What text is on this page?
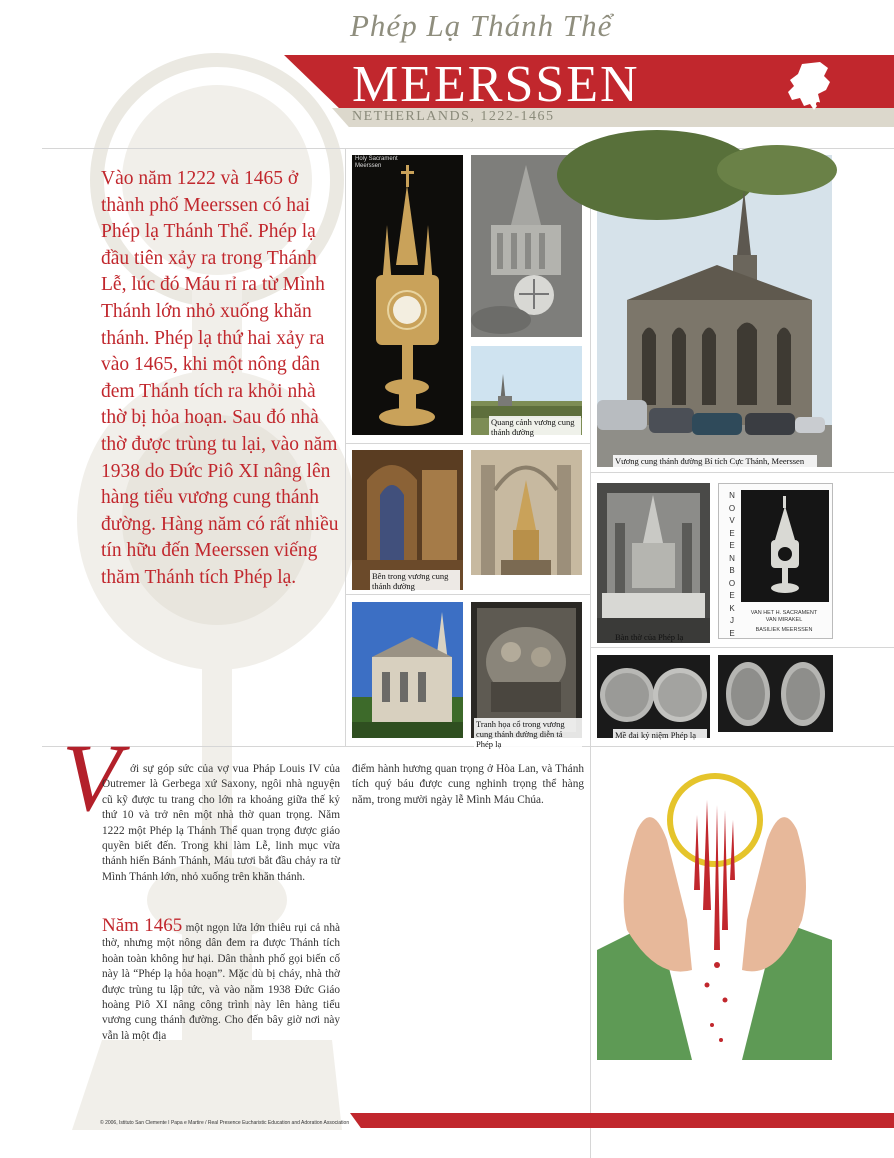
Phép Lạ Thánh Thể
MEERSSEN
NETHERLANDS, 1222-1465
Vào năm 1222 và 1465 ở thành phố Meerssen có hai Phép lạ Thánh Thể. Phép lạ đầu tiên xảy ra trong Thánh Lễ, lúc đó Máu rỉ ra từ Mình Thánh lớn nhỏ xuống khăn thánh. Phép lạ thứ hai xảy ra vào 1465, khi một nông dân đem Thánh tích ra khỏi nhà thờ bị hỏa hoạn. Sau đó nhà thờ được trùng tu lại, vào năm 1938 do Đức Piô XI nâng lên hàng tiểu vương cung thánh đường. Hàng năm có rất nhiều tín hữu đến Meerssen viếng thăm Thánh tích Phép lạ.
Holy Sacrament
Meerssen
Quang cảnh vương cung thánh đường
Bên trong vương cung thánh đường
Tranh họa cổ trong vương cung thánh đường diễn tả Phép lạ
Vương cung thánh đường Bí tích Cực Thánh, Meerssen
Bàn thờ của Phép lạ
N
O
V
E
E
N
B
O
E
K
J
E
VAN HET H. SACRAMENT
VAN MIRAKEL
BASILIEK MEERSSEN
Mề đai kỷ niệm Phép lạ
V ới sự góp sức của vợ vua Pháp Louis IV của Outremer là Gerbega xứ Saxony, ngôi nhà nguyện cũ kỹ được tu trang cho lớn ra khoảng giữa thế kỷ thứ 10 và trở nên một nhà thờ quan trọng. Năm 1222 một Phép lạ Thánh Thể quan trọng được giáo quyền biết đến. Trong khi làm Lễ, linh mục vừa thánh hiến Bánh Thánh, Máu tươi bắt đầu chảy ra từ Mình Thánh lớn, nhỏ xuống trên khăn thánh.
Năm 1465 một ngọn lửa lớn thiêu rụi cả nhà thờ, nhưng một nông dân đem ra được Thánh tích hoàn toàn không hư hại. Dân thành phố gọi biến cố này là “Phép lạ hỏa hoạn”. Mặc dù bị cháy, nhà thờ được trùng tu lập tức, và vào năm 1938 Đức Giáo hoàng Piô XI nâng công trình này lên hàng tiểu vương cung thánh đường. Cho đến bây giờ nơi này vẫn là một địa
điểm hành hương quan trọng ở Hòa Lan, và Thánh tích quý báu được cung nghinh trọng thể hàng năm, trong mười ngày lễ Mình Máu Chúa.
© 2006, Istituto San Clemente I Papa e Martire / Real Presence Eucharistic Education and Adoration Association
